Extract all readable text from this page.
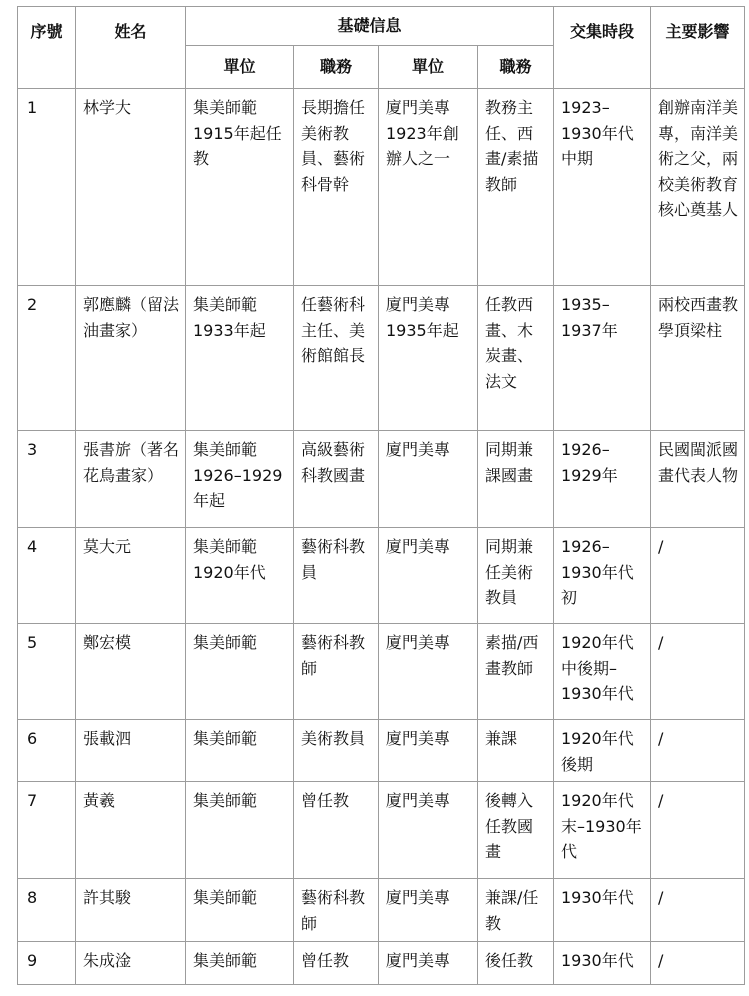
序號	姓名	基礎信息				交集時段	主要影響
		單位	職務	單位	職務		
1	林学大	集美師範1915年起任教	長期擔任美術教員、藝術科骨幹	廈門美專1923年創辦人之一	教務主任、西畫/素描教師	1923–1930年代中期	創辦南洋美專，南洋美術之父，兩校美術教育核心奠基人
2	郭應麟（留法油畫家）	集美師範1933年起	任藝術科主任、美術館館長	廈門美專1935年起	任教西畫、木炭畫、法文	1935–1937年	兩校西畫教學頂梁柱
3	張書旂（著名花鳥畫家）	集美師範1926–1929年起	高級藝術科教國畫	廈門美專	同期兼課國畫	1926–1929年	民國閩派國畫代表人物
4	莫大元	集美師範1920年代	藝術科教員	廈門美專	同期兼任美術教員	1926–1930年代初	/
5	鄭宏模	集美師範	藝術科教師	廈門美專	素描/西畫教師	1920年代中後期–1930年代	/
6	張載泗	集美師範	美術教員	廈門美專	兼課	1920年代後期	/
7	黃羲	集美師範	曾任教	廈門美專	後轉入任教國畫	1920年代末–1930年代	/
8	許其駿	集美師範	藝術科教師	廈門美專	兼課/任教	1930年代	/
9	朱成淦	集美師範	曾任教	廈門美專	後任教	1930年代	/
